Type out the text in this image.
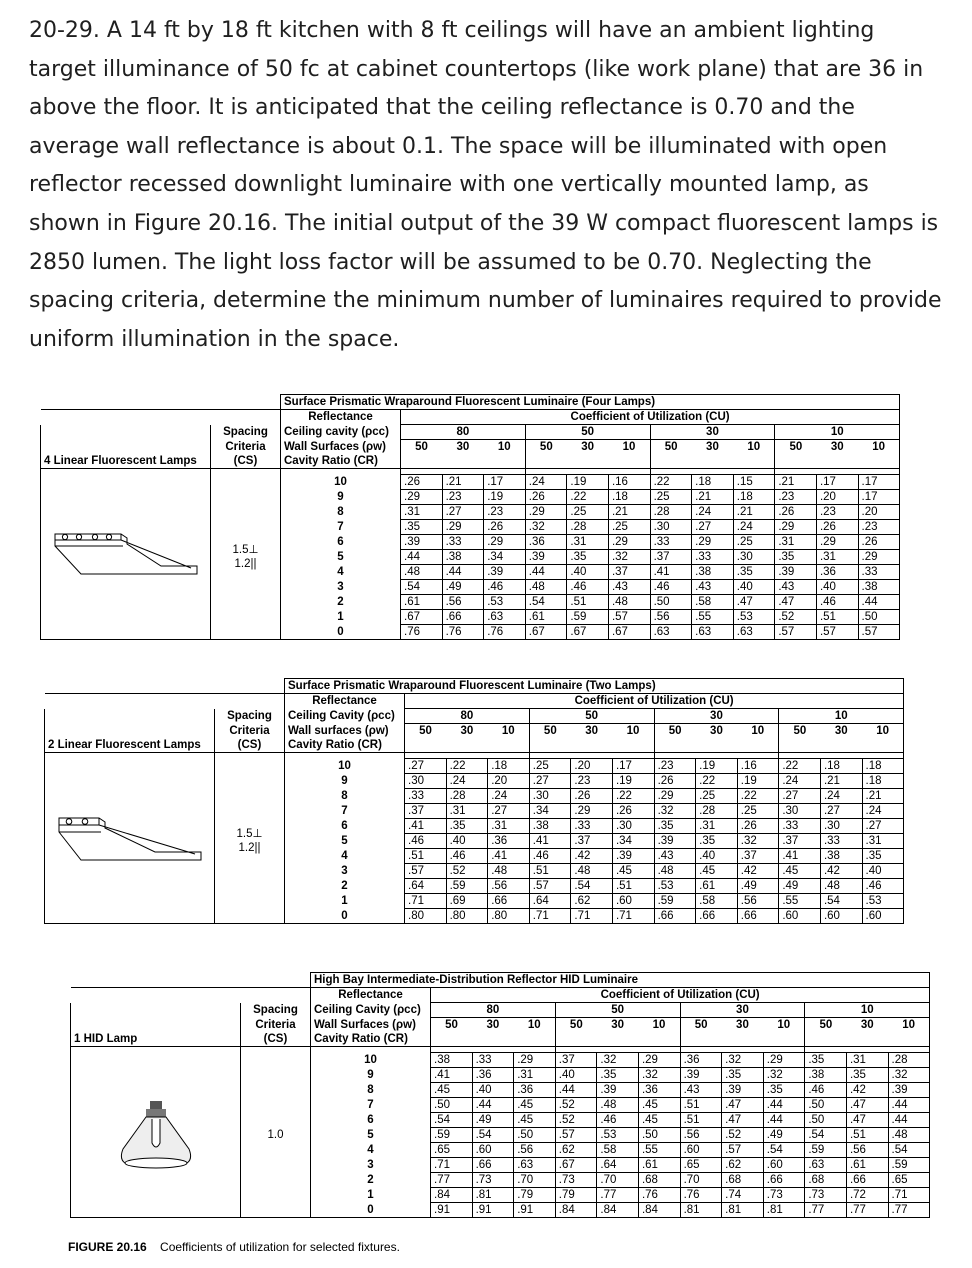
20-29. A 14 ft by 18 ft kitchen with 8 ft ceilings will have an ambient lighting target illuminance of 50 fc at cabinet countertops (like work plane) that are 36 in above the floor. It is anticipated that the ceiling reflectance is 0.70 and the average wall reflectance is about 0.1. The space will be illuminated with open reflector recessed downlight luminaire with one vertically mounted lamp, as shown in Figure 20.16. The initial output of the 39 W compact fluorescent lamps is 2850 lumen. The light loss factor will be assumed to be 0.70. Neglecting the spacing criteria, determine the minimum number of luminaires required to provide uniform illumination in the space.

		Surface Prismatic Wraparound Fluorescent Luminaire (Four Lamps)												
		Reflectance	Coefficient of Utilization (CU)											
	Spacing	Ceiling cavity (ρcc)	80			50			30			10		
	Criteria	Wall Surfaces (ρw)	50	30	10	50	30	10	50	30	10	50	30	10
4 Linear Fluorescent Lamps	(CS)	Cavity Ratio (CR)												

1.5⊥
1.2||	10	.26	.21	.17	.24	.19	.16	.22	.18	.15	.21	.17	.17
		9	.29	.23	.19	.26	.22	.18	.25	.21	.18	.23	.20	.17
		8	.31	.27	.23	.29	.25	.21	.28	.24	.21	.26	.23	.20
		7	.35	.29	.26	.32	.28	.25	.30	.27	.24	.29	.26	.23
		6	.39	.33	.29	.36	.31	.29	.33	.29	.25	.31	.29	.26
		5	.44	.38	.34	.39	.35	.32	.37	.33	.30	.35	.31	.29
		4	.48	.44	.39	.44	.40	.37	.41	.38	.35	.39	.36	.33
		3	.54	.49	.46	.48	.46	.43	.46	.43	.40	.43	.40	.38
		2	.61	.56	.53	.54	.51	.48	.50	.58	.47	.47	.46	.44
		1	.67	.66	.63	.61	.59	.57	.56	.55	.53	.52	.51	.50
		0	.76	.76	.76	.67	.67	.67	.63	.63	.63	.57	.57	.57
		Surface Prismatic Wraparound Fluorescent Luminaire (Two Lamps)												
		Reflectance	Coefficient of Utilization (CU)											
	Spacing	Ceiling Cavity (ρcc)	80			50			30			10		
	Criteria	Wall surfaces (ρw)	50	30	10	50	30	10	50	30	10	50	30	10
2 Linear Fluorescent Lamps	(CS)	Cavity Ratio (CR)												

1.5⊥
1.2||	10	.27	.22	.18	.25	.20	.17	.23	.19	.16	.22	.18	.18
		9	.30	.24	.20	.27	.23	.19	.26	.22	.19	.24	.21	.18
		8	.33	.28	.24	.30	.26	.22	.29	.25	.22	.27	.24	.21
		7	.37	.31	.27	.34	.29	.26	.32	.28	.25	.30	.27	.24
		6	.41	.35	.31	.38	.33	.30	.35	.31	.26	.33	.30	.27
		5	.46	.40	.36	.41	.37	.34	.39	.35	.32	.37	.33	.31
		4	.51	.46	.41	.46	.42	.39	.43	.40	.37	.41	.38	.35
		3	.57	.52	.48	.51	.48	.45	.48	.45	.42	.45	.42	.40
		2	.64	.59	.56	.57	.54	.51	.53	.61	.49	.49	.48	.46
		1	.71	.69	.66	.64	.62	.60	.59	.58	.56	.55	.54	.53
		0	.80	.80	.80	.71	.71	.71	.66	.66	.66	.60	.60	.60
		High Bay Intermediate-Distribution Reflector HID Luminaire												
		Reflectance	Coefficient of Utilization (CU)											
	Spacing	Ceiling Cavity (ρcc)	80			50			30			10		
	Criteria	Wall Surfaces (ρw)	50	30	10	50	30	10	50	30	10	50	30	10
1 HID Lamp	(CS)	Cavity Ratio (CR)												

1.0	10	.38	.33	.29	.37	.32	.29	.36	.32	.29	.35	.31	.28
		9	.41	.36	.31	.40	.35	.32	.39	.35	.32	.38	.35	.32
		8	.45	.40	.36	.44	.39	.36	.43	.39	.35	.46	.42	.39
		7	.50	.44	.45	.52	.48	.45	.51	.47	.44	.50	.47	.44
		6	.54	.49	.45	.52	.46	.45	.51	.47	.44	.50	.47	.44
		5	.59	.54	.50	.57	.53	.50	.56	.52	.49	.54	.51	.48
		4	.65	.60	.56	.62	.58	.55	.60	.57	.54	.59	.56	.54
		3	.71	.66	.63	.67	.64	.61	.65	.62	.60	.63	.61	.59
		2	.77	.73	.70	.73	.70	.68	.70	.68	.66	.68	.66	.65
		1	.84	.81	.79	.79	.77	.76	.76	.74	.73	.73	.72	.71
		0	.91	.91	.91	.84	.84	.84	.81	.81	.81	.77	.77	.77
FIGURE 20.16 Coefficients of utilization for selected fixtures.
